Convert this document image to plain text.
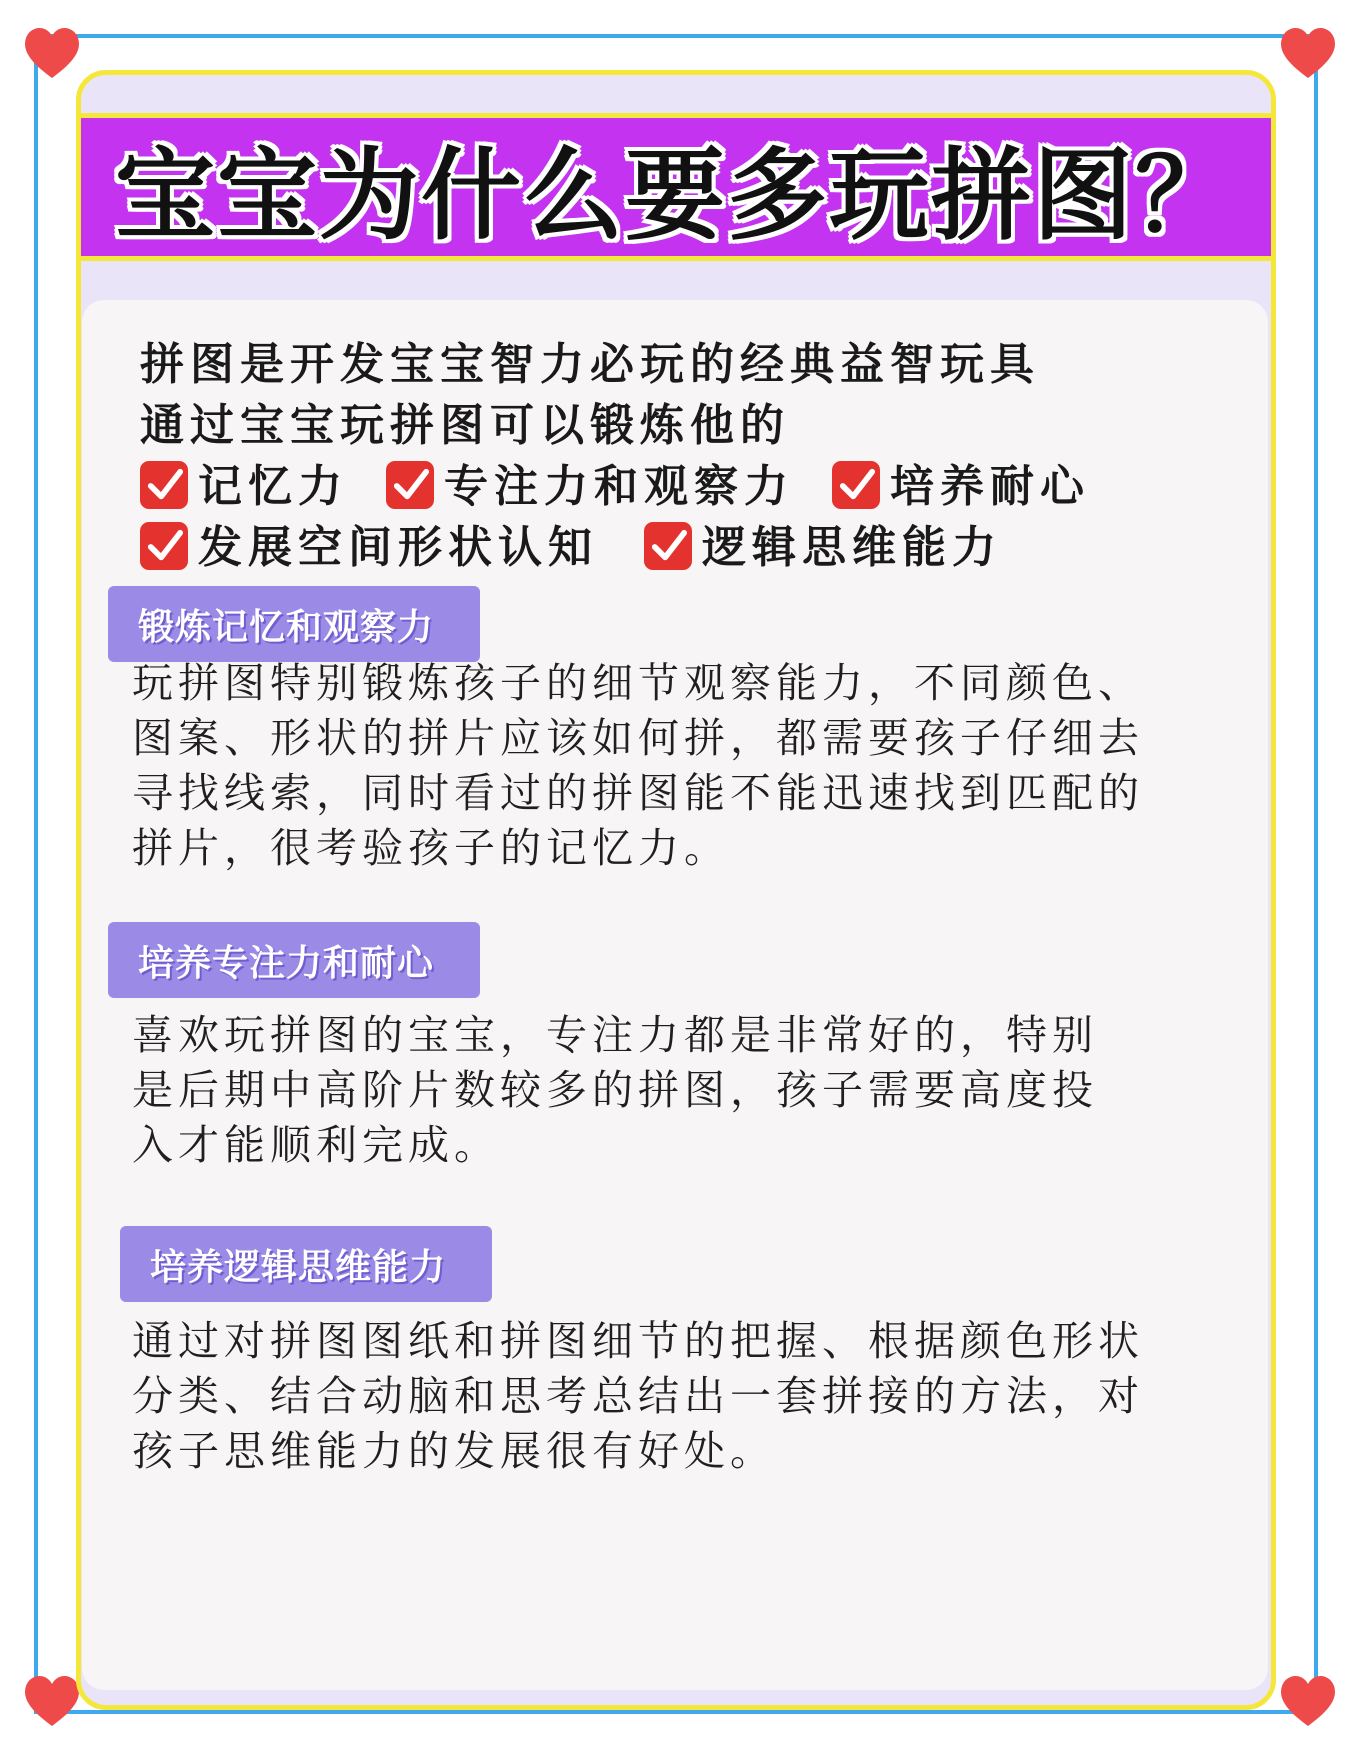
宝宝为什么要多玩拼图？
拼图是开发宝宝智力必玩的经典益智玩具
通过宝宝玩拼图可以锻炼他的
记忆力 专注力和观察力 培养耐心
发展空间形状认知 逻辑思维能力
锻炼记忆和观察力
玩拼图特别锻炼孩子的细节观察能力，不同颜色、
图案、形状的拼片应该如何拼，都需要孩子仔细去
寻找线索，同时看过的拼图能不能迅速找到匹配的
拼片，很考验孩子的记忆力。
培养专注力和耐心
喜欢玩拼图的宝宝，专注力都是非常好的，特别
是后期中高阶片数较多的拼图，孩子需要高度投
入才能顺利完成。
培养逻辑思维能力
通过对拼图图纸和拼图细节的把握、根据颜色形状
分类、结合动脑和思考总结出一套拼接的方法，对
孩子思维能力的发展很有好处。
